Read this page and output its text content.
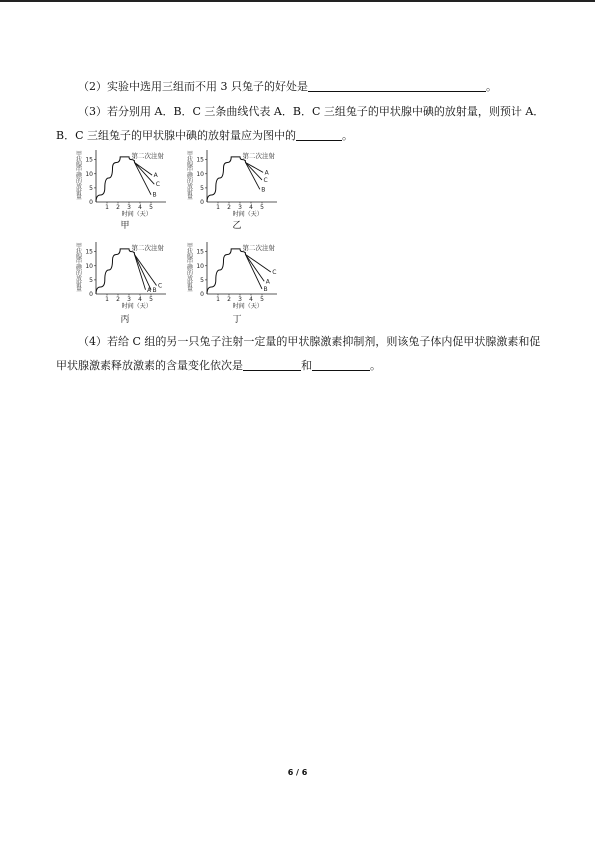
（2）实验中选用三组而不用 3 只兔子的好处是	。

（3）若分别用 A．B．C 三条曲线代表 A．B．C 三组兔子的甲状腺中碘的放射量，则预计 A．B．C 三组兔子的甲状腺中碘的放射量应为图中的	。

甲状腺中碘的放射量
0
5
10
15
1 2 3 4 5
时间（天）
A
B
C
第二次注射
甲
甲状腺中碘的放射量
0
5
10
15
1 2 3 4 5
时间（天）
A
B
C
第二次注射
乙
甲状腺中碘的放射量
0
5
10
15
1 2 3 4 5
时间（天）
A B
C
第二次注射
丙
甲状腺中碘的放射量
0
5
10
15
1 2 3 4 5
时间（天）
A
B
C
第二次注射
丁

（4）若给 C 组的另一只兔子注射一定量的甲状腺激素抑制剂，则该兔子体内促甲状腺激素和促甲状腺激素释放激素的含量变化依次是	和	。

6 / 6
